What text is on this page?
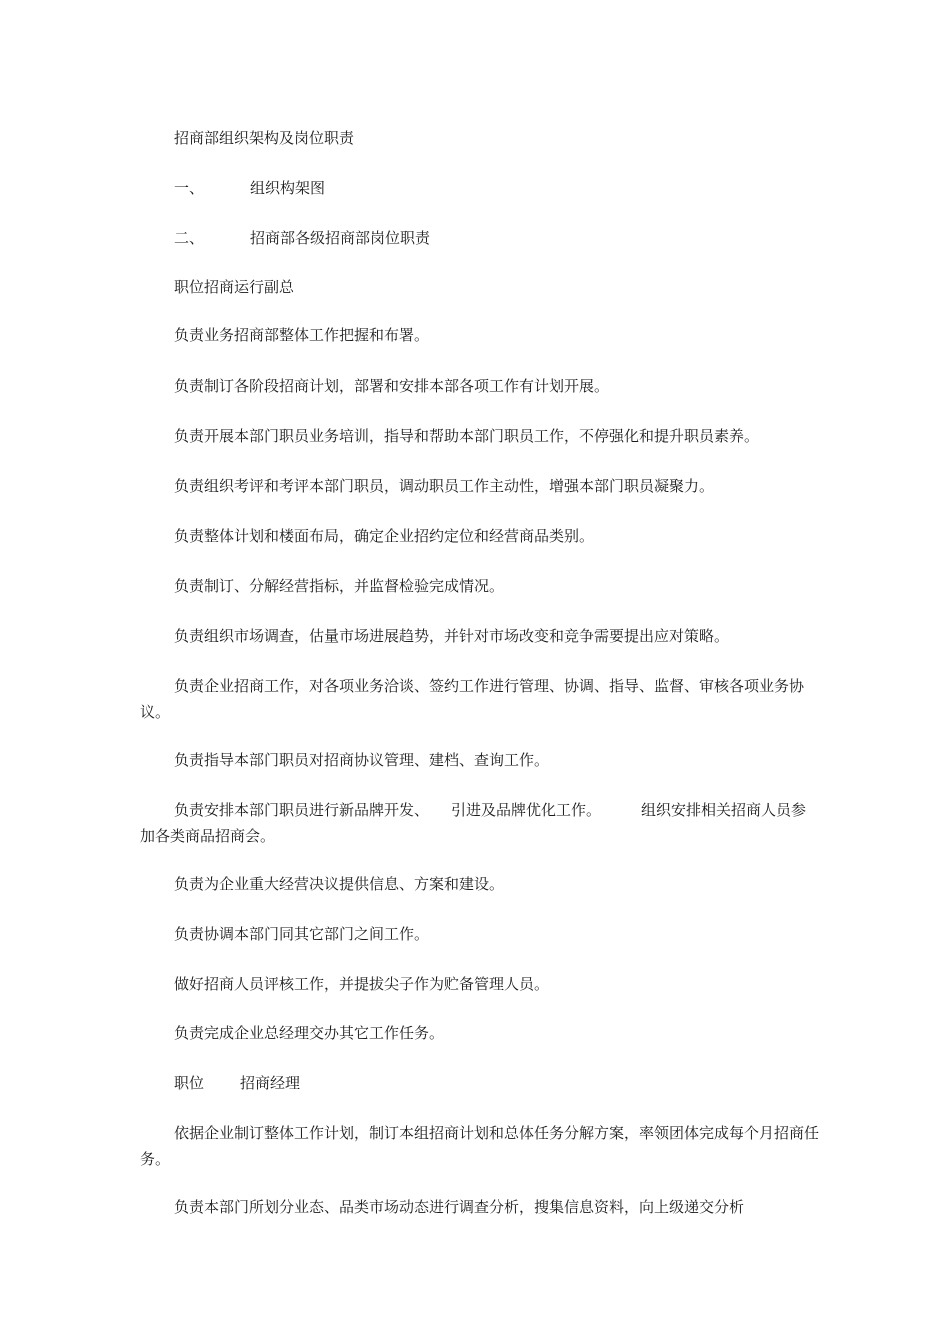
招商部组织架构及岗位职责

一、	组织构架图

二、	招商部各级招商部岗位职责

职位招商运行副总

负责业务招商部整体工作把握和布署。

负责制订各阶段招商计划，部署和安排本部各项工作有计划开展。

负责开展本部门职员业务培训，指导和帮助本部门职员工作，不停强化和提升职员素养。

负责组织考评和考评本部门职员，调动职员工作主动性，增强本部门职员凝聚力。

负责整体计划和楼面布局，确定企业招约定位和经营商品类别。

负责制订、分解经营指标，并监督检验完成情况。

负责组织市场调查，估量市场进展趋势，并针对市场改变和竞争需要提出应对策略。

负责企业招商工作，对各项业务洽谈、签约工作进行管理、协调、指导、监督、审核各项业务协议。

负责指导本部门职员对招商协议管理、建档、查询工作。

负责安排本部门职员进行新品牌开发、 引进及品牌优化工作。	组织安排相关招商人员参加各类商品招商会。

负责为企业重大经营决议提供信息、方案和建设。

负责协调本部门同其它部门之间工作。

做好招商人员评核工作，并提拔尖子作为贮备管理人员。

负责完成企业总经理交办其它工作任务。

职位 招商经理

依据企业制订整体工作计划，制订本组招商计划和总体任务分解方案，率领团体完成每个月招商任务。

负责本部门所划分业态、品类市场动态进行调查分析，搜集信息资料，向上级递交分析
